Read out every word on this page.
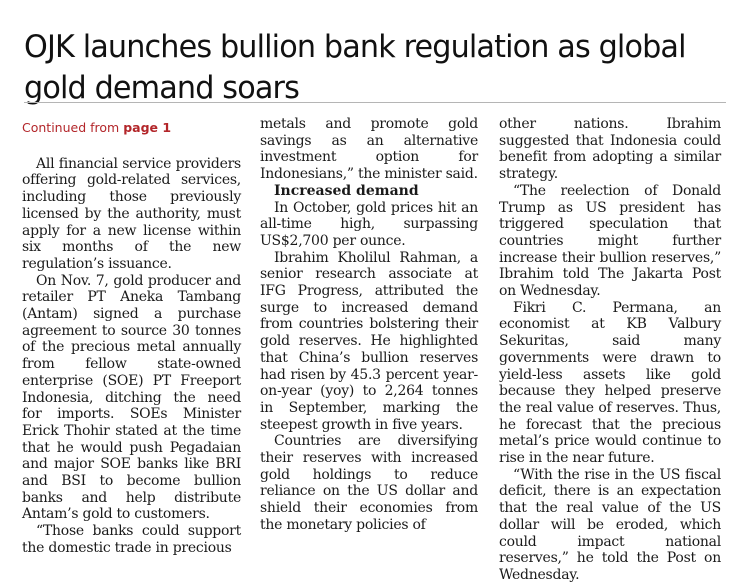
OJK launches bullion bank regulation as global gold demand soars
Continued from page 1

All financial service providers offering gold-related services, including those previously licensed by the authority, must apply for a new license within six months of the new regulation’s issuance.

On Nov. 7, gold producer and retailer PT Aneka Tambang (Antam) signed a purchase agreement to source 30 tonnes of the precious metal annually from fellow state-owned enterprise (SOE) PT Freeport Indonesia, ditching the need for imports. SOEs Minister Erick Thohir stated at the time that he would push Pegadaian and major SOE banks like BRI and BSI to become bullion banks and help distribute Antam’s gold to customers.

“Those banks could support the domestic trade in precious

metals and promote gold savings as an alternative investment option for Indonesians,” the minister said.

Increased demand

In October, gold prices hit an all-time high, surpassing US$2,700 per ounce.

Ibrahim Kholilul Rahman, a senior research associate at IFG Progress, attributed the surge to increased demand from countries bolstering their gold reserves. He highlighted that China’s bullion reserves had risen by 45.3 percent year-on-year (yoy) to 2,264 tonnes in September, marking the steepest growth in five years.

Countries are diversifying their reserves with increased gold holdings to reduce reliance on the US dollar and shield their economies from the monetary policies of

other nations. Ibrahim suggested that Indonesia could benefit from adopting a similar strategy.

“The reelection of Donald Trump as US president has triggered speculation that countries might further increase their bullion reserves,” Ibrahim told The Jakarta Post on Wednesday.

Fikri C. Permana, an economist at KB Valbury Sekuritas, said many governments were drawn to yield-less assets like gold because they helped preserve the real value of reserves. Thus, he forecast that the precious metal’s price would continue to rise in the near future.

“With the rise in the US fiscal deficit, there is an expectation that the real value of the US dollar will be eroded, which could impact national reserves,” he told the Post on Wednesday.
